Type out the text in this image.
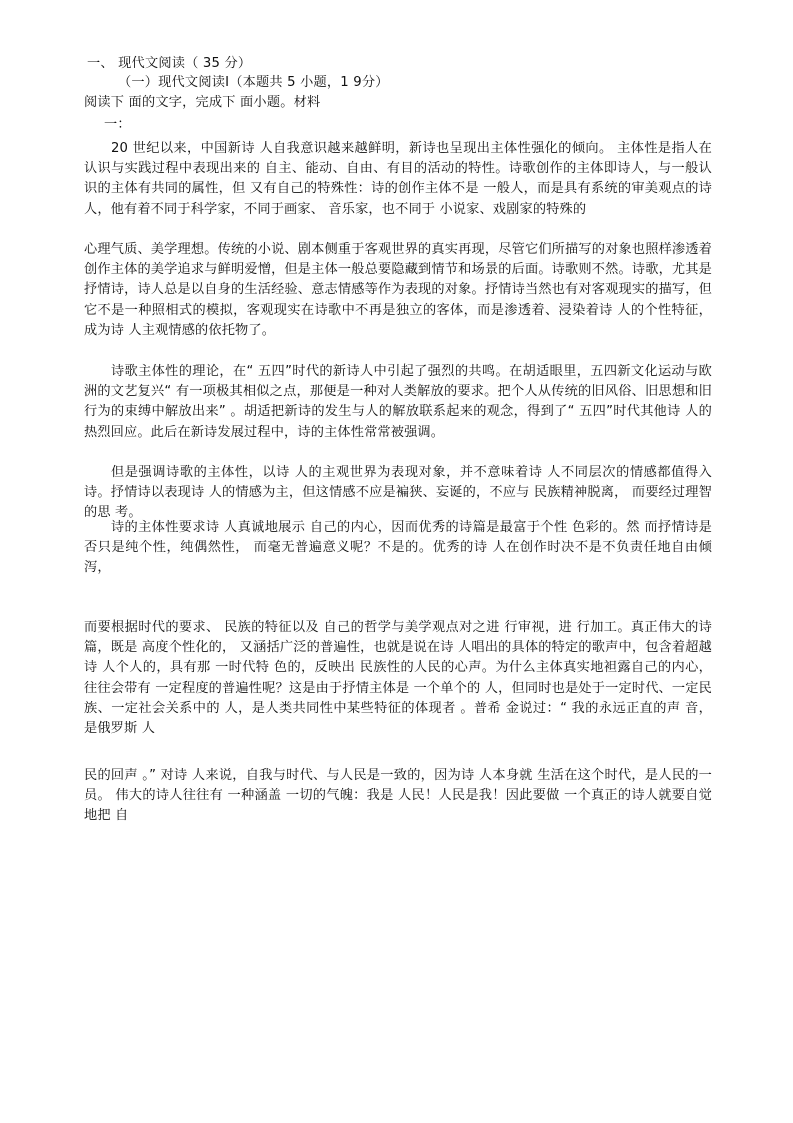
一、 现代文阅读（ 35 分）
（一）现代文阅读Ⅰ（本题共 5 小题，1 9分）
阅读下 面的文字，完成下 面小题。材料
一：
20 世纪以来，中国新诗 人自我意识越来越鲜明，新诗也呈现出主体性强化的倾向。 主体性是指人在认识与实践过程中表现出来的 自主、能动、自由、有目的活动的特性。诗歌创作的主体即诗人，与一般认识的主体有共同的属性，但 又有自己的特殊性：诗的创作主体不是 一般人，而是具有系统的审美观点的诗 人，他有着不同于科学家，不同于画家、 音乐家，也不同于 小说家、戏剧家的特殊的
心理气质、美学理想。传统的小说、剧本侧重于客观世界的真实再现，尽管它们所描写的对象也照样渗透着创作主体的美学追求与鲜明爱憎，但是主体一般总要隐藏到情节和场景的后面。诗歌则不然。诗歌，尤其是抒情诗，诗人总是以自身的生活经验、意志情感等作为表现的对象。抒情诗当然也有对客观现实的描写，但它不是一种照相式的模拟，客观现实在诗歌中不再是独立的客体，而是渗透着、浸染着诗 人的个性特征，成为诗 人主观情感的依托物了。
诗歌主体性的理论，在“ 五四”时代的新诗人中引起了强烈的共鸣。在胡适眼里，五四新文化运动与欧洲的文艺复兴“ 有一项极其相似之点，那便是一种对人类解放的要求。把个人从传统的旧风俗、旧思想和旧行为的束缚中解放出来” 。胡适把新诗的发生与人的解放联系起来的观念，得到了“ 五四”时代其他诗 人的热烈回应。此后在新诗发展过程中，诗的主体性常常被强调。
但是强调诗歌的主体性，以诗 人的主观世界为表现对象，并不意味着诗 人不同层次的情感都值得入诗。抒情诗以表现诗 人的情感为主，但这情感不应是褊狭、妄诞的，不应与 民族精神脱离， 而要经过理智的思 考。
诗的主体性要求诗 人真诚地展示 自己的内心，因而优秀的诗篇是最富于个性 色彩的。然 而抒情诗是否只是纯个性，纯偶然性， 而毫无普遍意义呢？不是的。优秀的诗 人在创作时决不是不负责任地自由倾泻，
而要根据时代的要求、 民族的特征以及 自己的哲学与美学观点对之进 行审视，进 行加工。真正伟大的诗篇，既是 高度个性化的， 又涵括广泛的普遍性，也就是说在诗 人唱出的具体的特定的歌声中，包含着超越诗 人个人的，具有那 一时代特 色的，反映出 民族性的人民的心声。为什么主体真实地袒露自己的内心，往往会带有 一定程度的普遍性呢？这是由于抒情主体是 一个单个的 人，但同时也是处于一定时代、一定民族、一定社会关系中的 人，是人类共同性中某些特征的体现者 。普希 金说过：“ 我的永远正直的声 音，是俄罗斯 人
民的回声 。” 对诗 人来说，自我与时代、与人民是一致的，因为诗 人本身就 生活在这个时代，是人民的一员。 伟大的诗人往往有 一种涵盖 一切的气魄：我是 人民！人民是我！因此要做 一个真正的诗人就要自觉地把 自
